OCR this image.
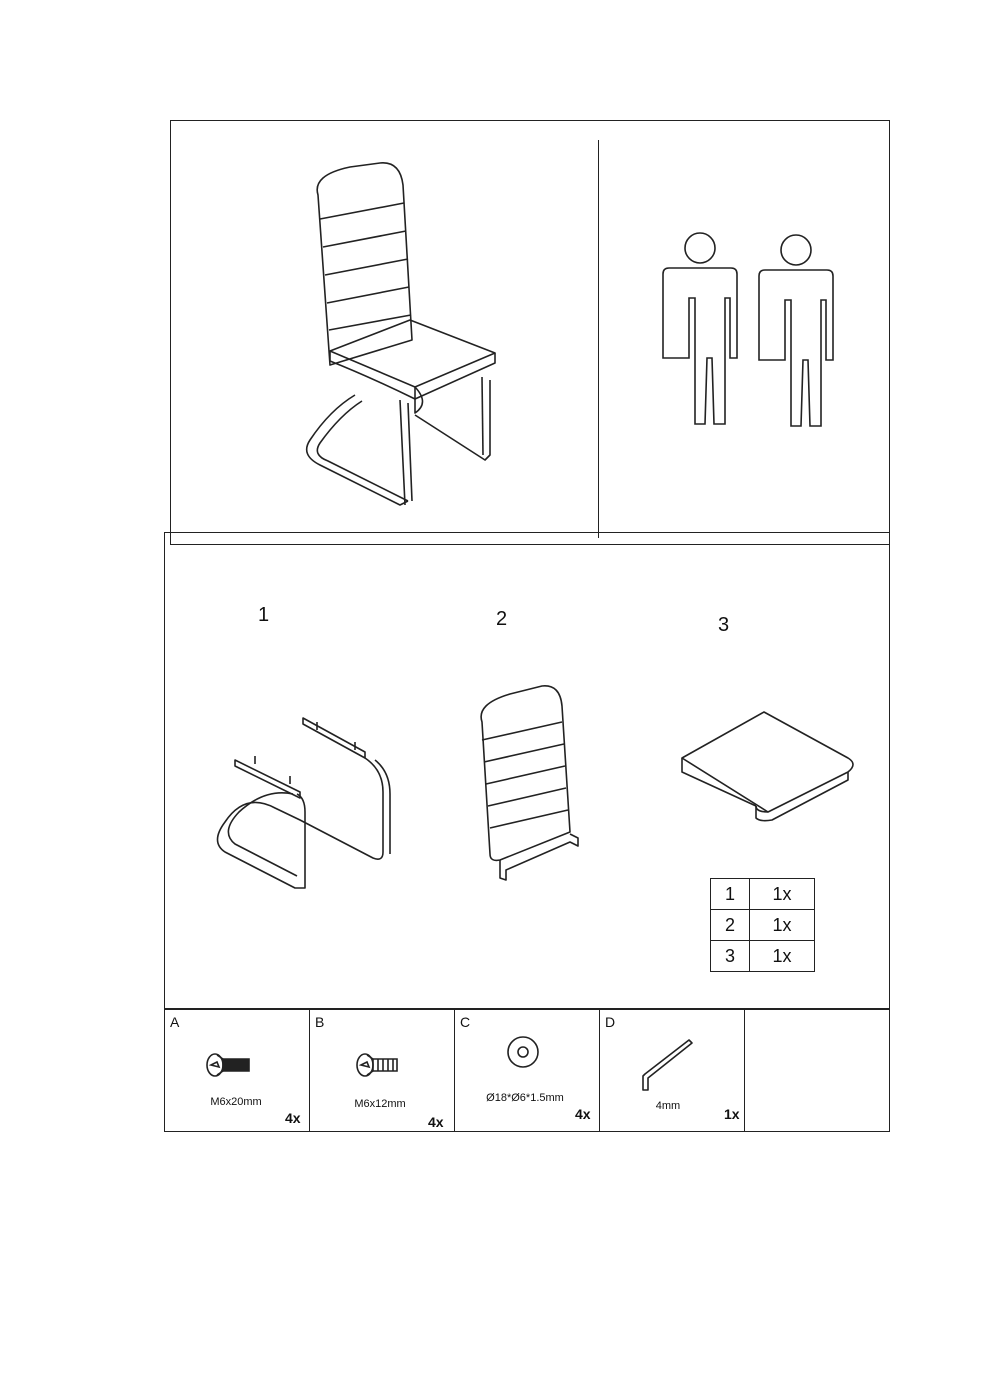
1	2	3
1	1x
2	1x
3	1x
A
M6x20mm
4x
B
M6x12mm
4x
C
Ø18*Ø6*1.5mm
4x
D
4mm	1x
